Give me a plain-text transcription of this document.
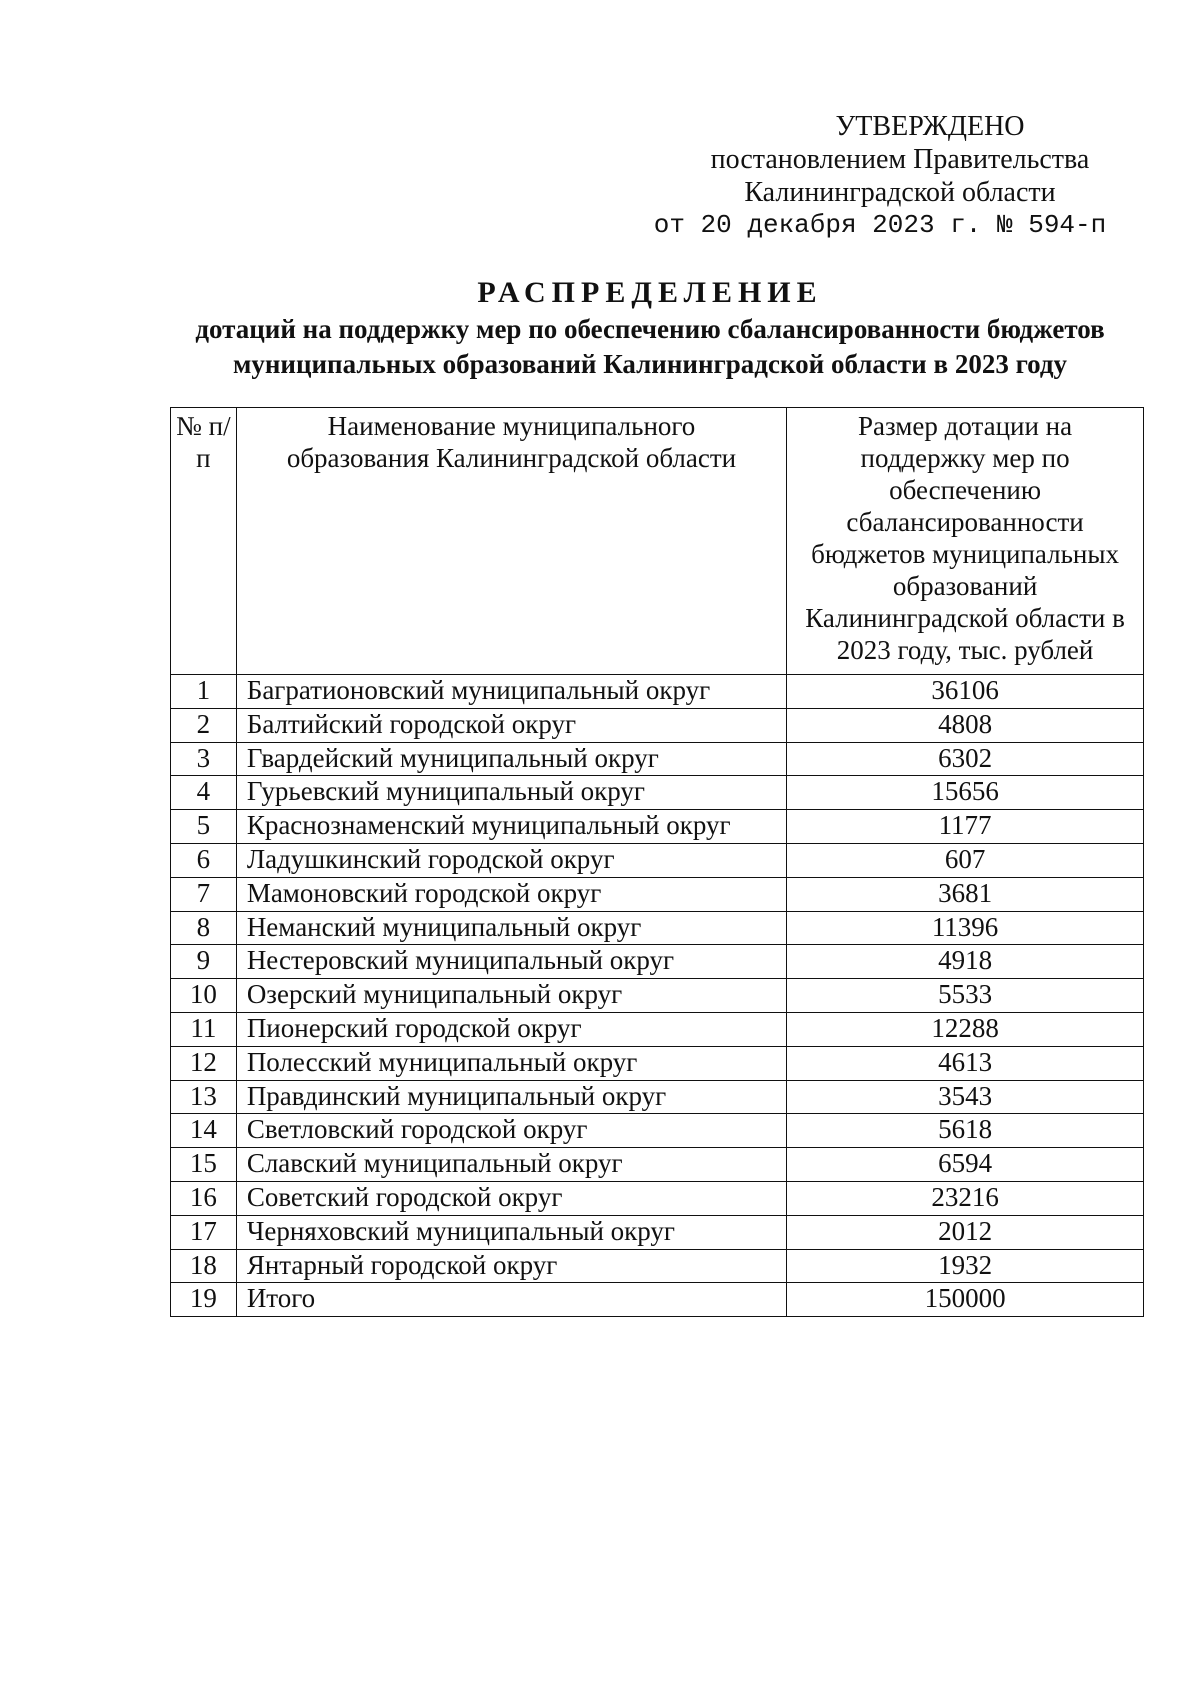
УТВЕРЖДЕНО
постановлением Правительства
Калининградской области
от 20 декабря 2023 г. № 594-п
РАСПРЕДЕЛЕНИЕ
дотаций на поддержку мер по обеспечению сбалансированности бюджетов
муниципальных образований Калининградской области в 2023 году
№ п/п	Наименование муниципального образования Калининградской области	Размер дотации на поддержку мер по обеспечению сбалансированности бюджетов муниципальных образований Калининградской области в 2023 году, тыс. рублей

1	Багратионовский муниципальный округ	36106
2	Балтийский городской округ	4808
3	Гвардейский муниципальный округ	6302
4	Гурьевский муниципальный округ	15656
5	Краснознаменский муниципальный округ	1177
6	Ладушкинский городской округ	607
7	Мамоновский городской округ	3681
8	Неманский муниципальный округ	11396
9	Нестеровский муниципальный округ	4918
10	Озерский муниципальный округ	5533
11	Пионерский городской округ	12288
12	Полесский муниципальный округ	4613
13	Правдинский муниципальный округ	3543
14	Светловский городской округ	5618
15	Славский муниципальный округ	6594
16	Советский городской округ	23216
17	Черняховский муниципальный округ	2012
18	Янтарный городской округ	1932
19	Итого	150000
